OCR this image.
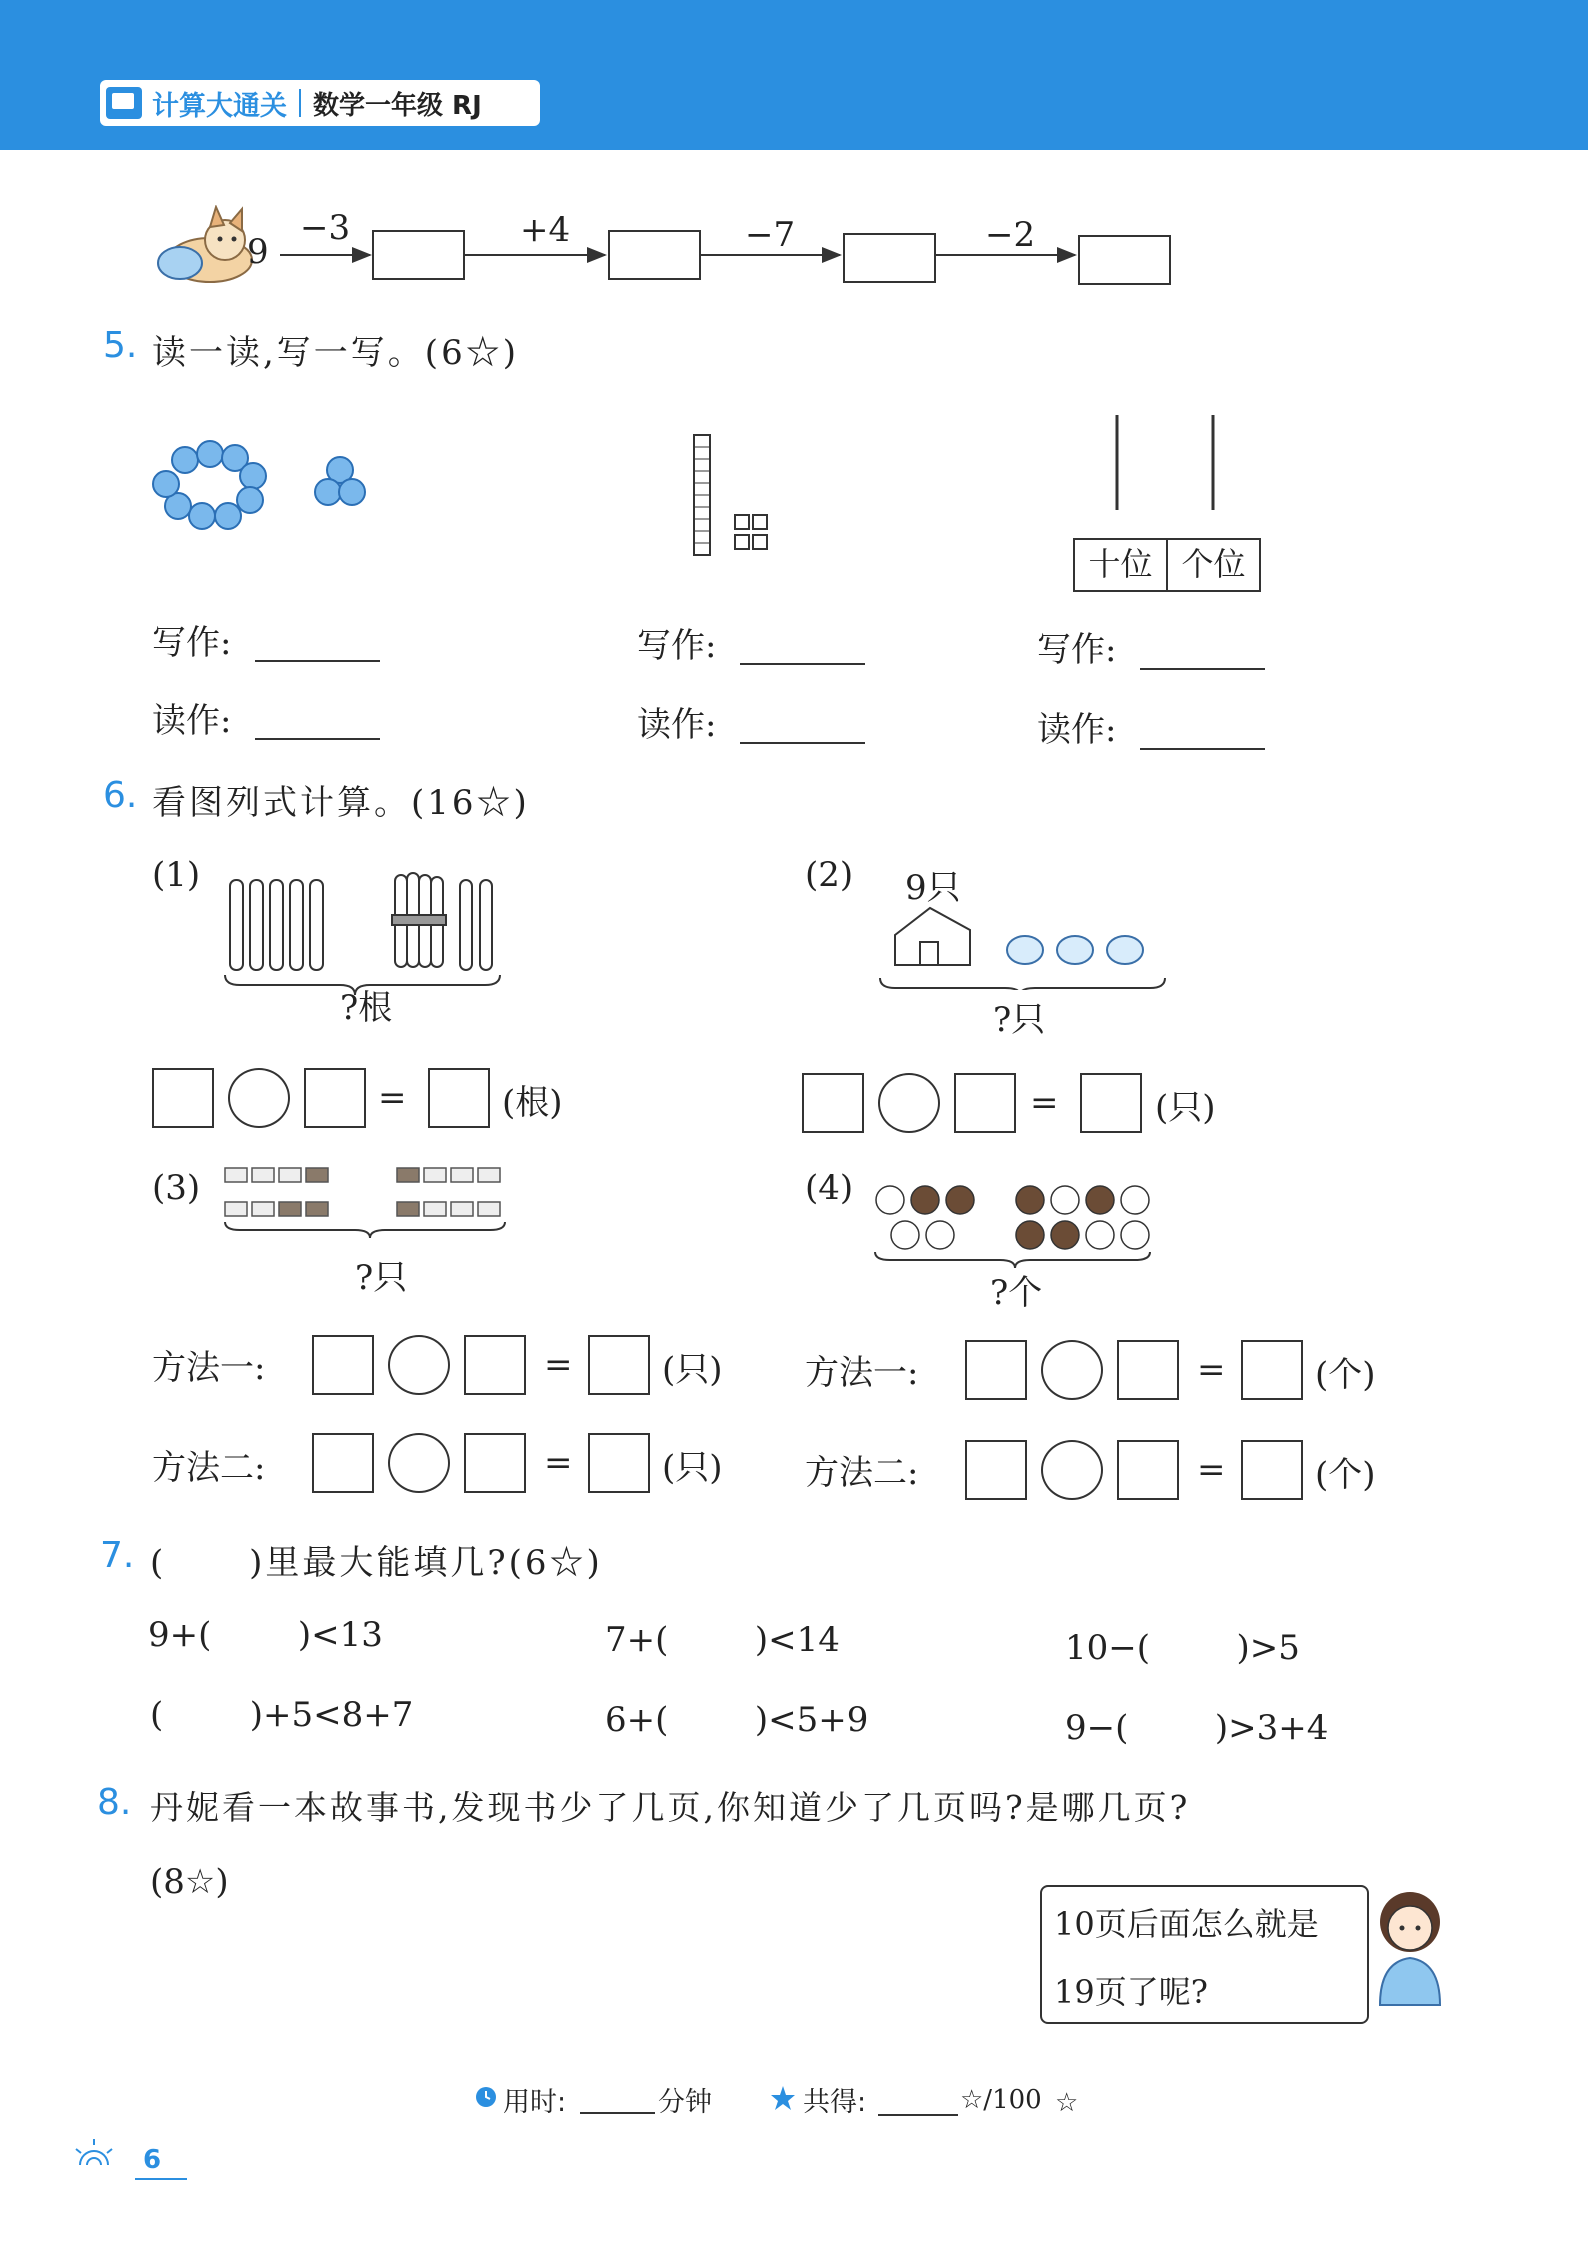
计算大通关 数学一年级 RJ
9
−3	+4	−7	−2
5. 读一读,写一写。(6☆)
十位 个位
写作:
读作:
写作:
读作:
写作:
读作:
6. 看图列式计算。(16☆)
(1)
?根
=	(根)
(2) 9只
?只
=	(只)
(3)
?只
(4)
?个
方法一:	=	(只)
方法二:	=	(只)
方法一:	=	(个)
方法二:	=	(个)
7. (      )里最大能填几?(6☆)
9+(        )<13	7+(        )<14	10−(        )>5
(        )+5<8+7	6+(        )<5+9	9−(        )>3+4
8. 丹妮看一本故事书,发现书少了几页,你知道少了几页吗?是哪几页?
(8☆)
10页后面怎么就是
19页了呢?
用时:	分钟	共得:	☆/100 ☆
6
